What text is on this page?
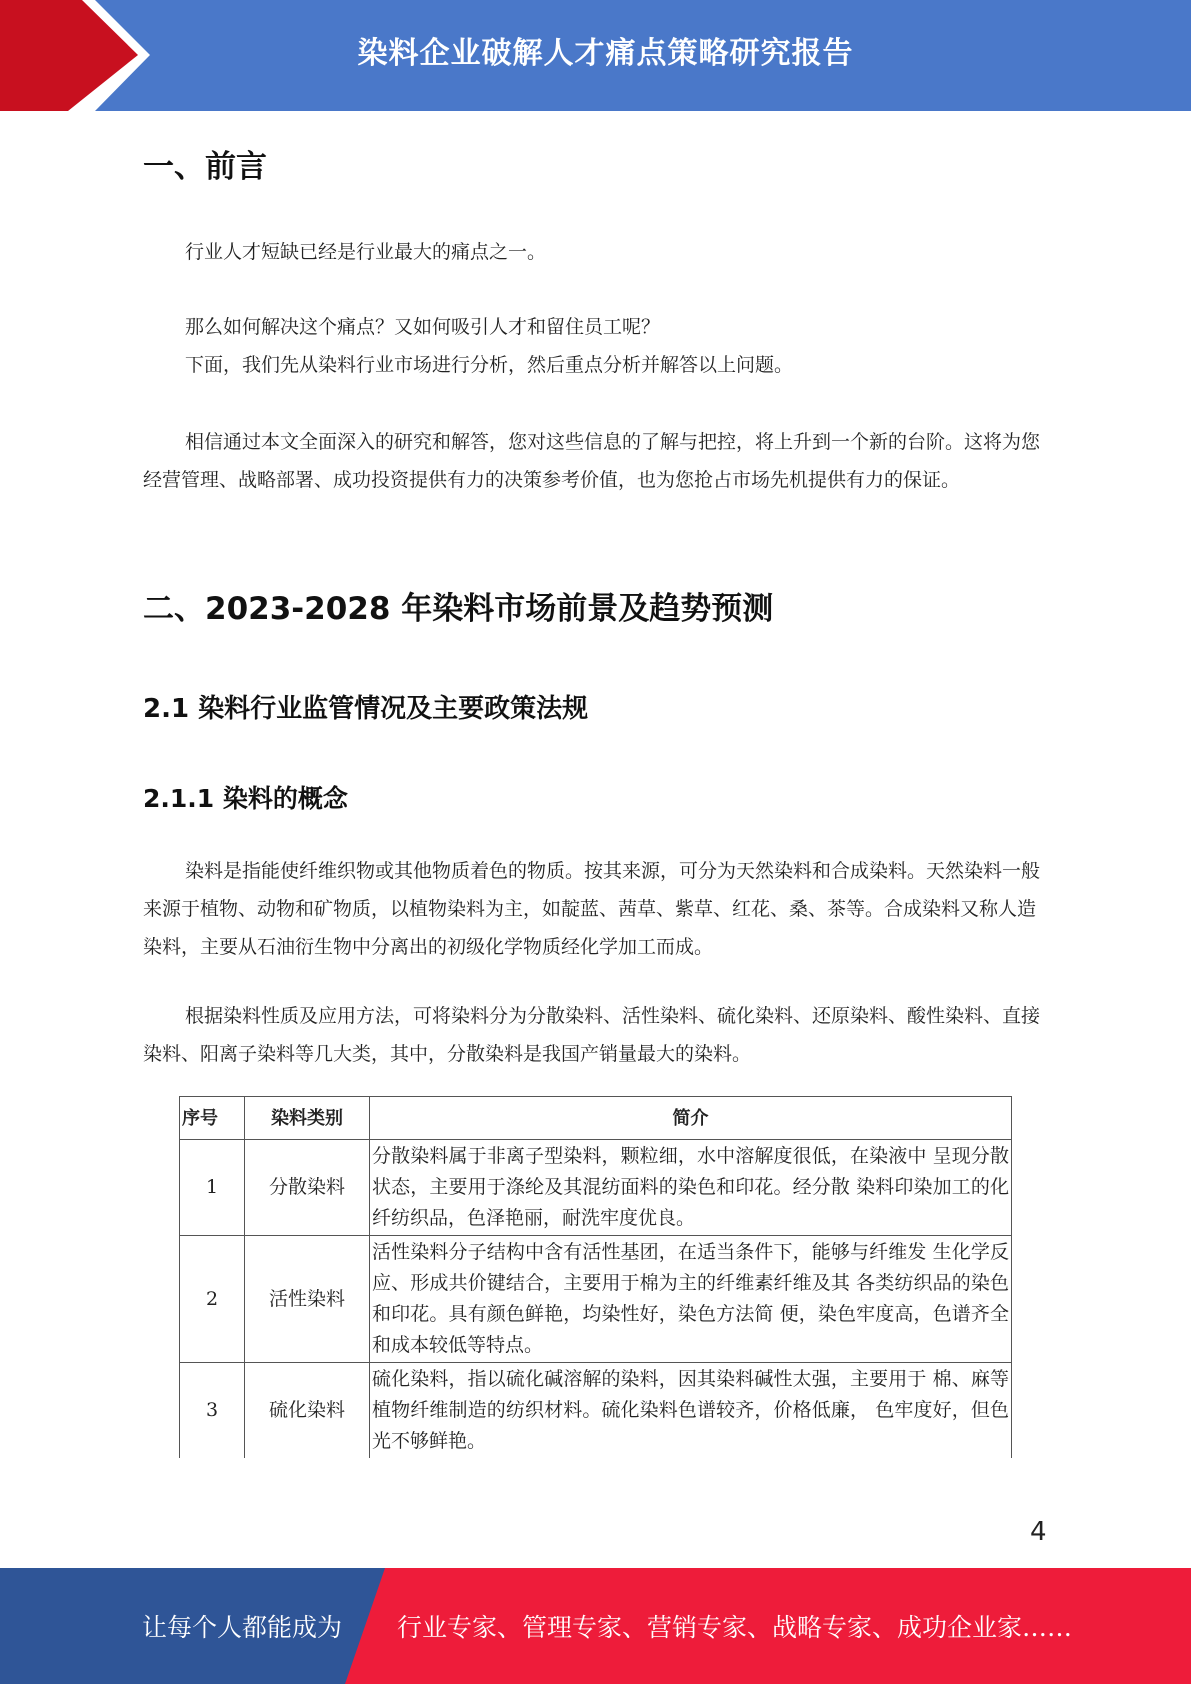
染料企业破解人才痛点策略研究报告
一、前言

行业人才短缺已经是行业最大的痛点之一。

那么如何解决这个痛点？又如何吸引人才和留住员工呢？

下面，我们先从染料行业市场进行分析，然后重点分析并解答以上问题。

相信通过本文全面深入的研究和解答，您对这些信息的了解与把控，将上升到一个新的台阶。这将为您经营管理、战略部署、成功投资提供有力的决策参考价值，也为您抢占市场先机提供有力的保证。

二、2023-2028 年染料市场前景及趋势预测
2.1 染料行业监管情况及主要政策法规
2.1.1 染料的概念

染料是指能使纤维织物或其他物质着色的物质。按其来源，可分为天然染料和合成染料。天然染料一般来源于植物、动物和矿物质，以植物染料为主，如靛蓝、茜草、紫草、红花、桑、茶等。合成染料又称人造染料，主要从石油衍生物中分离出的初级化学物质经化学加工而成。

根据染料性质及应用方法，可将染料分为分散染料、活性染料、硫化染料、还原染料、酸性染料、直接染料、阳离子染料等几大类，其中，分散染料是我国产销量最大的染料。

序号	染料类别	简介
1	分散染料	分散染料属于非离子型染料，颗粒细，水中溶解度很低，在染液中 呈现分散状态，主要用于涤纶及其混纺面料的染色和印花。经分散 染料印染加工的化纤纺织品，色泽艳丽，耐洗牢度优良。
2	活性染料	活性染料分子结构中含有活性基团，在适当条件下，能够与纤维发 生化学反应、形成共价键结合，主要用于棉为主的纤维素纤维及其 各类纺织品的染色和印花。具有颜色鲜艳，均染性好，染色方法简 便，染色牢度高，色谱齐全和成本较低等特点。
3	硫化染料	硫化染料，指以硫化碱溶解的染料，因其染料碱性太强，主要用于 棉、麻等植物纤维制造的纺织材料。硫化染料色谱较齐，价格低廉， 色牢度好，但色光不够鲜艳。
4
让每个人都能成为 行业专家、管理专家、营销专家、战略专家、成功企业家……
